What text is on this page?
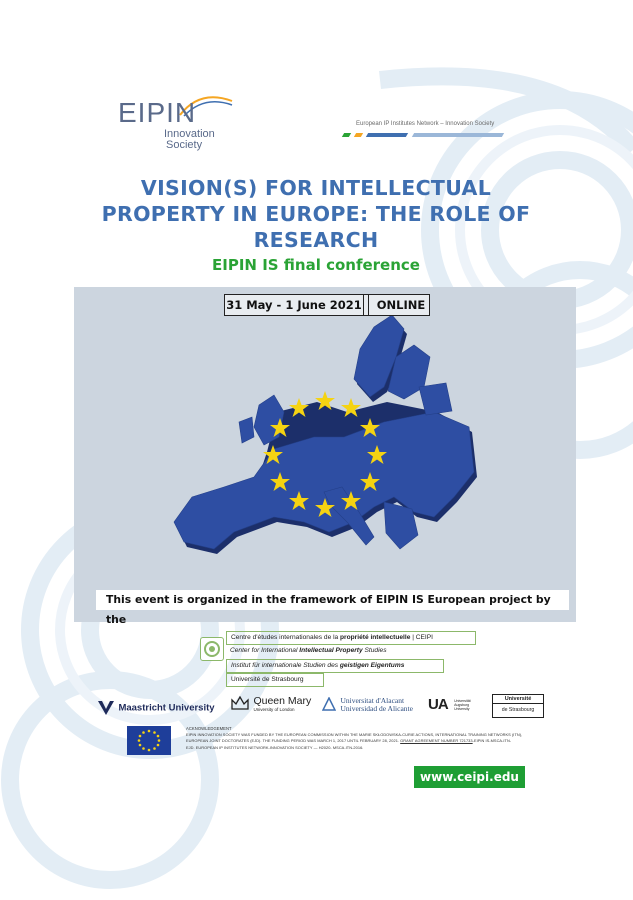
EIPIN
Innovation
Society
European IP Institutes Network – Innovation Society
VISION(S) FOR INTELLECTUAL
PROPERTY IN EUROPE: THE ROLE OF
RESEARCH
EIPIN IS final conference
31 May - 1 June 2021	ONLINE
This event is organized in the framework of EIPIN IS European project by the
Centre d'études internationales de la propriété intellectuelle | CEIPI
Center for International Intellectual Property Studies
Institut für internationale Studien des geistigen Eigentums
Université de Strasbourg
Maastricht University

Queen Mary
University of London

Universitat d'Alacant
Universidad de Alicante UA Universität
Augsburg
University
Université
de Strasbourg
ACKNOWLEDGEMENT
EIPIN INNOVATION SOCIETY WAS FUNDED BY THE EUROPEAN COMMISSION WITHIN THE MARIE SKŁODOWSKA-CURIE ACTIONS, INTERNATIONAL TRAINING NETWORKS (ITN),
EUROPEAN JOINT DOCTORATES (EJD). THE FUNDING PERIOD WAS MARCH 1, 2017 UNTIL FEBRUARY 28, 2021. GRANT AGREEMENT NUMBER 721733-EIPIN IS-MSCA-ITN-
EJD. EUROPEAN IP INSTITUTES NETWORK-INNOVATION SOCIETY — H2020- MSCA-ITN-2016.
www.ceipi.edu
